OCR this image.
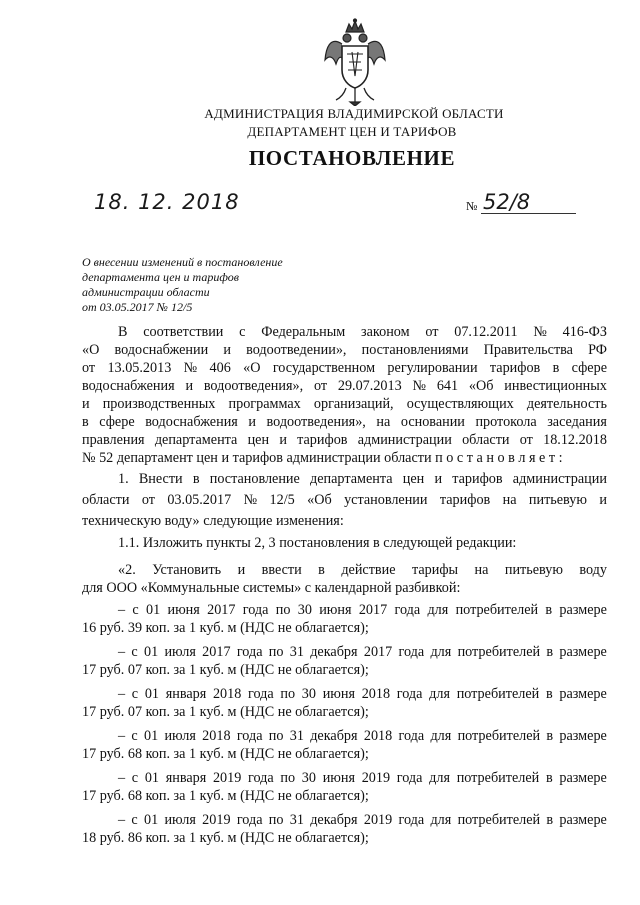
АДМИНИСТРАЦИЯ ВЛАДИМИРСКОЙ ОБЛАСТИ
ДЕПАРТАМЕНТ ЦЕН И ТАРИФОВ
ПОСТАНОВЛЕНИЕ
18. 12. 2018	№ 52/8
О внесении изменений в постановление
департамента цен и тарифов
администрации области
от 03.05.2017 № 12/5
В соответствии с Федеральным законом от 07.12.2011 № 416-ФЗ
«О водоснабжении и водоотведении», постановлениями Правительства РФ
от 13.05.2013 № 406 «О государственном регулировании тарифов в сфере
водоснабжения и водоотведения», от 29.07.2013 № 641 «Об инвестиционных
и производственных программах организаций, осуществляющих деятельность
в сфере водоснабжения и водоотведения», на основании протокола заседания
правления департамента цен и тарифов администрации области от 18.12.2018
№ 52 департамент цен и тарифов администрации области п о с т а н о в л я е т :
1. Внести в постановление департамента цен и тарифов администрации
области от 03.05.2017 № 12/5 «Об установлении тарифов на питьевую и
техническую воду» следующие изменения:
1.1. Изложить пункты 2, 3 постановления в следующей редакции:
«2. Установить и ввести в действие тарифы на питьевую воду
для ООО «Коммунальные системы» с календарной разбивкой:
– с 01 июня 2017 года по 30 июня 2017 года для потребителей в размере
16 руб. 39 коп. за 1 куб. м (НДС не облагается);
– с 01 июля 2017 года по 31 декабря 2017 года для потребителей в размере
17 руб. 07 коп. за 1 куб. м (НДС не облагается);
– с 01 января 2018 года по 30 июня 2018 года для потребителей в размере
17 руб. 07 коп. за 1 куб. м (НДС не облагается);
– с 01 июля 2018 года по 31 декабря 2018 года для потребителей в размере
17 руб. 68 коп. за 1 куб. м (НДС не облагается);
– с 01 января 2019 года по 30 июня 2019 года для потребителей в размере
17 руб. 68 коп. за 1 куб. м (НДС не облагается);
– с 01 июля 2019 года по 31 декабря 2019 года для потребителей в размере
18 руб. 86 коп. за 1 куб. м (НДС не облагается);
